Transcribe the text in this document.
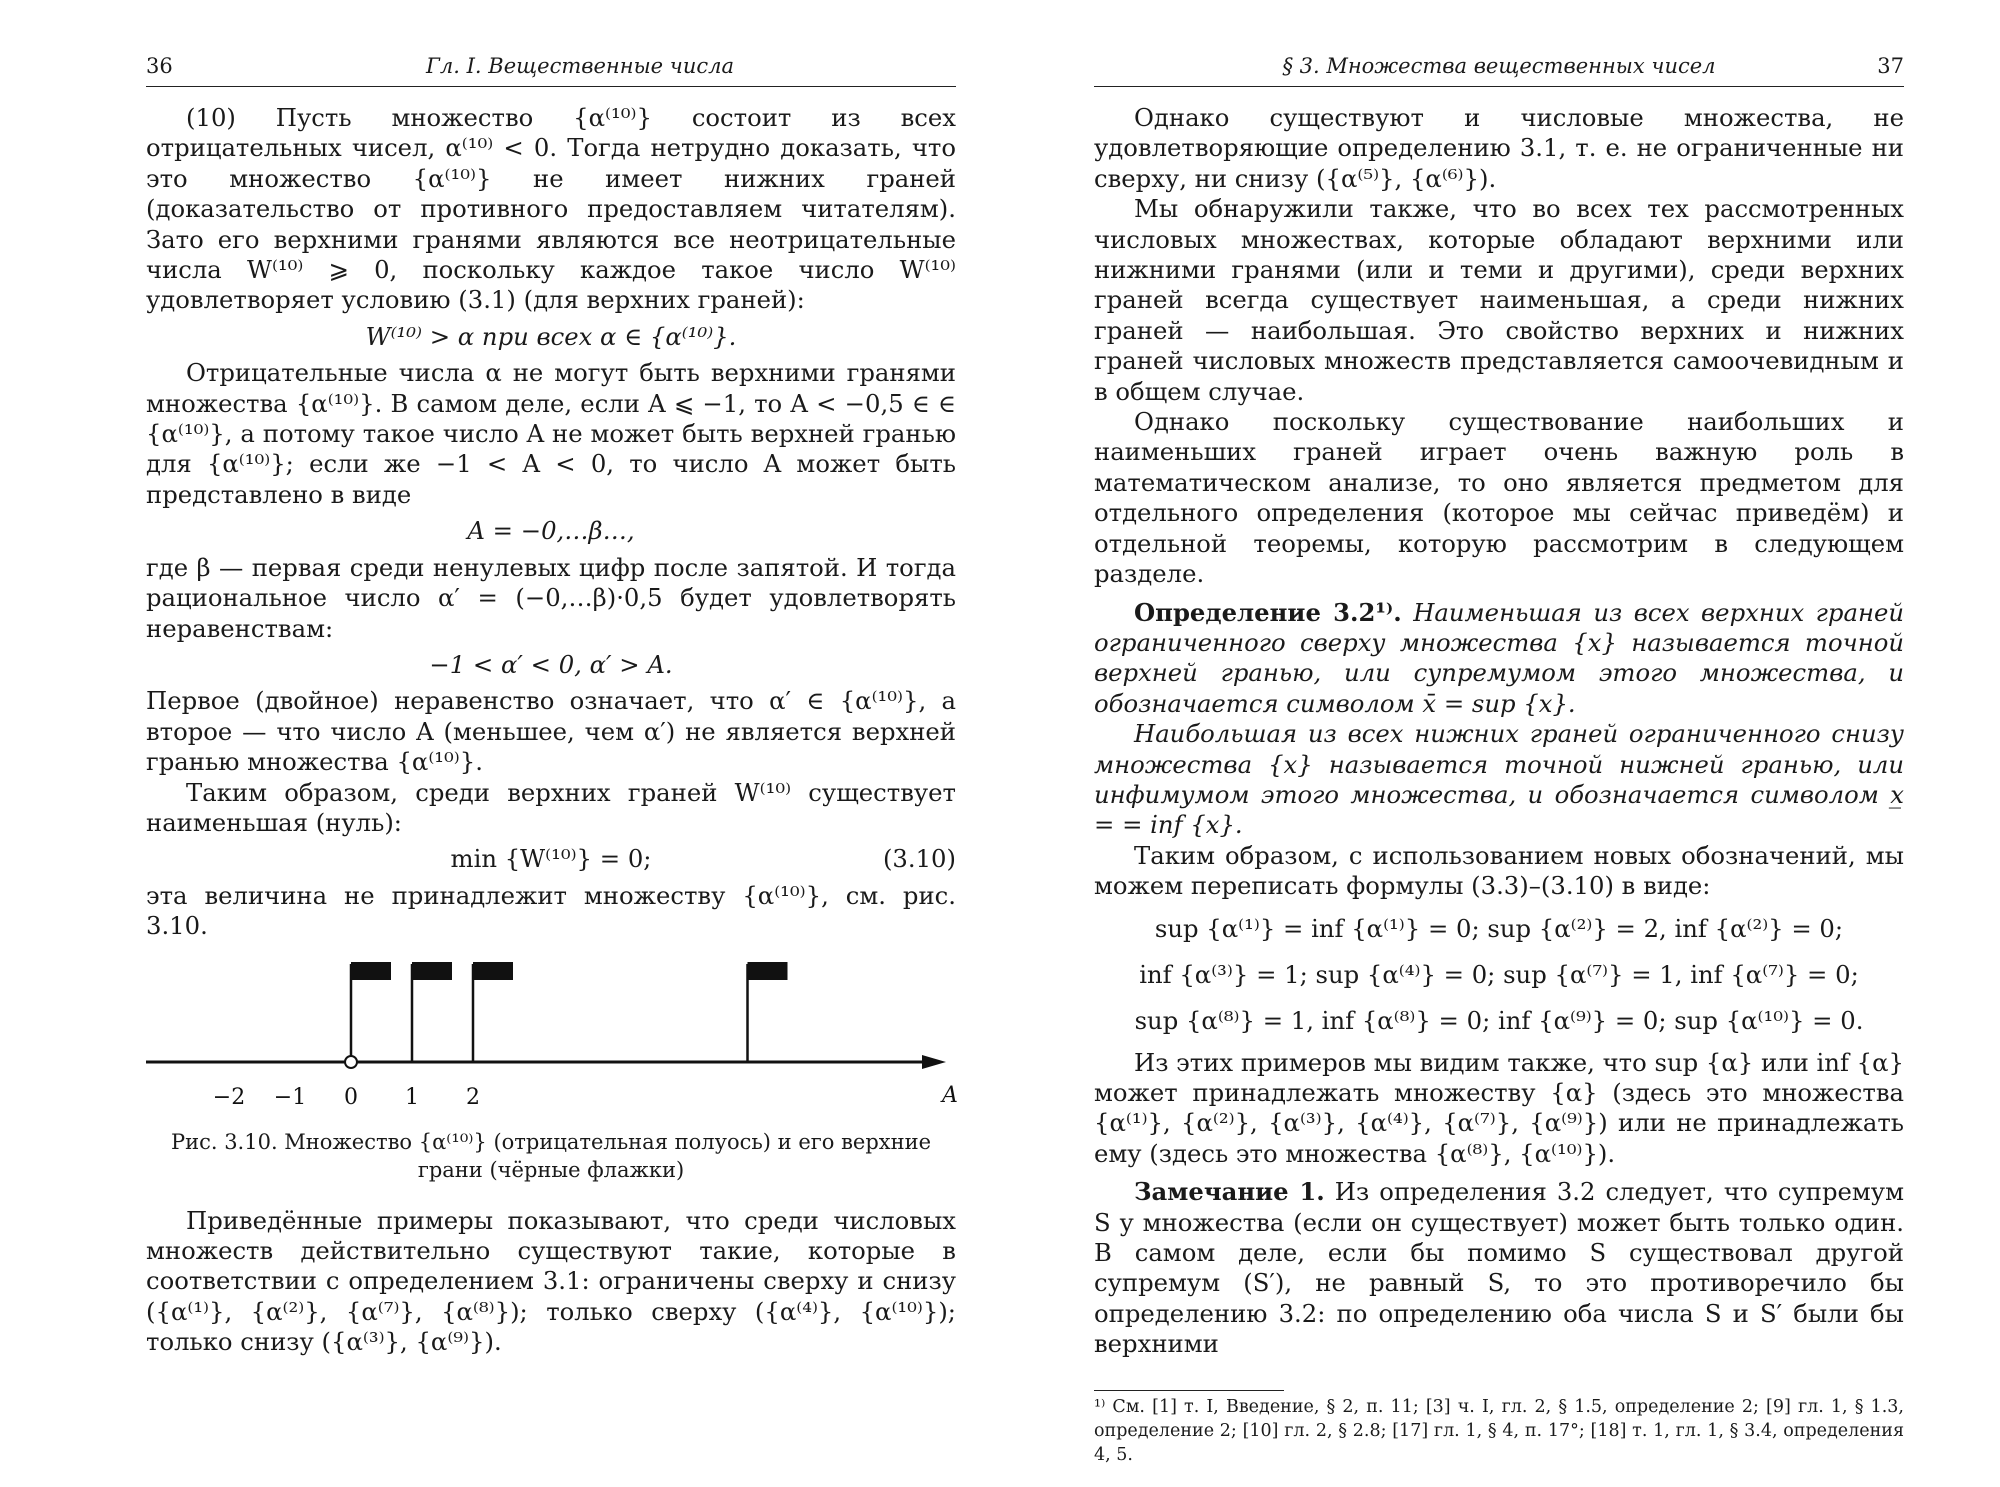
36	Гл. I. Вещественные числа

(10) Пусть множество {α⁽¹⁰⁾} состоит из всех отрицательных чисел, α⁽¹⁰⁾ < 0. Тогда нетрудно доказать, что это множество {α⁽¹⁰⁾} не имеет нижних граней (доказательство от противного предоставляем читателям). Зато его верхними гранями являются все неотрицательные числа W⁽¹⁰⁾ ⩾ 0, поскольку каждое такое число W⁽¹⁰⁾ удовлетворяет условию (3.1) (для верхних граней):

W⁽¹⁰⁾ > α при всех α ∈ {α⁽¹⁰⁾}.

Отрицательные числа α не могут быть верхними гранями множества {α⁽¹⁰⁾}. В самом деле, если A ⩽ −1, то A < −0,5 ∈ ∈ {α⁽¹⁰⁾}, а потому такое число A не может быть верхней гранью для {α⁽¹⁰⁾}; если же −1 < A < 0, то число A может быть представлено в виде

A = −0,…β…,

где β — первая среди ненулевых цифр после запятой. И тогда рациональное число α′ = (−0,…β)·0,5 будет удовлетворять неравенствам:

−1 < α′ < 0, α′ > A.

Первое (двойное) неравенство означает, что α′ ∈ {α⁽¹⁰⁾}, а второе — что число A (меньшее, чем α′) не является верхней гранью множества {α⁽¹⁰⁾}.

Таким образом, среди верхних граней W⁽¹⁰⁾ существует наименьшая (нуль):

min {W⁽¹⁰⁾} = 0;	(3.10)

эта величина не принадлежит множеству {α⁽¹⁰⁾}, см. рис. 3.10.

A
−2 −1 0 1 2
Рис. 3.10. Множество {α⁽¹⁰⁾} (отрицательная полуось) и его верхние грани (чёрные флажки)

Приведённые примеры показывают, что среди числовых множеств действительно существуют такие, которые в соответствии с определением 3.1: ограничены сверху и снизу ({α⁽¹⁾}, {α⁽²⁾}, {α⁽⁷⁾}, {α⁽⁸⁾}); только сверху ({α⁽⁴⁾}, {α⁽¹⁰⁾}); только снизу ({α⁽³⁾}, {α⁽⁹⁾}).

§ 3. Множества вещественных чисел	37

Однако существуют и числовые множества, не удовлетворяющие определению 3.1, т. е. не ограниченные ни сверху, ни снизу ({α⁽⁵⁾}, {α⁽⁶⁾}).

Мы обнаружили также, что во всех тех рассмотренных числовых множествах, которые обладают верхними или нижними гранями (или и теми и другими), среди верхних граней всегда существует наименьшая, а среди нижних граней — наибольшая. Это свойство верхних и нижних граней числовых множеств представляется самоочевидным и в общем случае.

Однако поскольку существование наибольших и наименьших граней играет очень важную роль в математическом анализе, то оно является предметом для отдельного определения (которое мы сейчас приведём) и отдельной теоремы, которую рассмотрим в следующем разделе.

Определение 3.2¹⁾. Наименьшая из всех верхних граней ограниченного сверху множества {x} называется точной верхней гранью, или супремумом этого множества, и обозначается символом x̄ = sup {x}.

Наибольшая из всех нижних граней ограниченного снизу множества {x} называется точной нижней гранью, или инфимумом этого множества, и обозначается символом x̲ = = inf {x}.

Таким образом, с использованием новых обозначений, мы можем переписать формулы (3.3)–(3.10) в виде:

sup {α⁽¹⁾} = inf {α⁽¹⁾} = 0; sup {α⁽²⁾} = 2, inf {α⁽²⁾} = 0;
inf {α⁽³⁾} = 1; sup {α⁽⁴⁾} = 0; sup {α⁽⁷⁾} = 1, inf {α⁽⁷⁾} = 0;
sup {α⁽⁸⁾} = 1, inf {α⁽⁸⁾} = 0; inf {α⁽⁹⁾} = 0; sup {α⁽¹⁰⁾} = 0.

Из этих примеров мы видим также, что sup {α} или inf {α} может принадлежать множеству {α} (здесь это множества {α⁽¹⁾}, {α⁽²⁾}, {α⁽³⁾}, {α⁽⁴⁾}, {α⁽⁷⁾}, {α⁽⁹⁾}) или не принадлежать ему (здесь это множества {α⁽⁸⁾}, {α⁽¹⁰⁾}).

Замечание 1. Из определения 3.2 следует, что супремум S у множества (если он существует) может быть только один. В самом деле, если бы помимо S существовал другой супремум (S′), не равный S, то это противоречило бы определению 3.2: по определению оба числа S и S′ были бы верхними

¹⁾ См. [1] т. I, Введение, § 2, п. 11; [3] ч. I, гл. 2, § 1.5, определение 2; [9] гл. 1, § 1.3, определение 2; [10] гл. 2, § 2.8; [17] гл. 1, § 4, п. 17°; [18] т. 1, гл. 1, § 3.4, определения 4, 5.
